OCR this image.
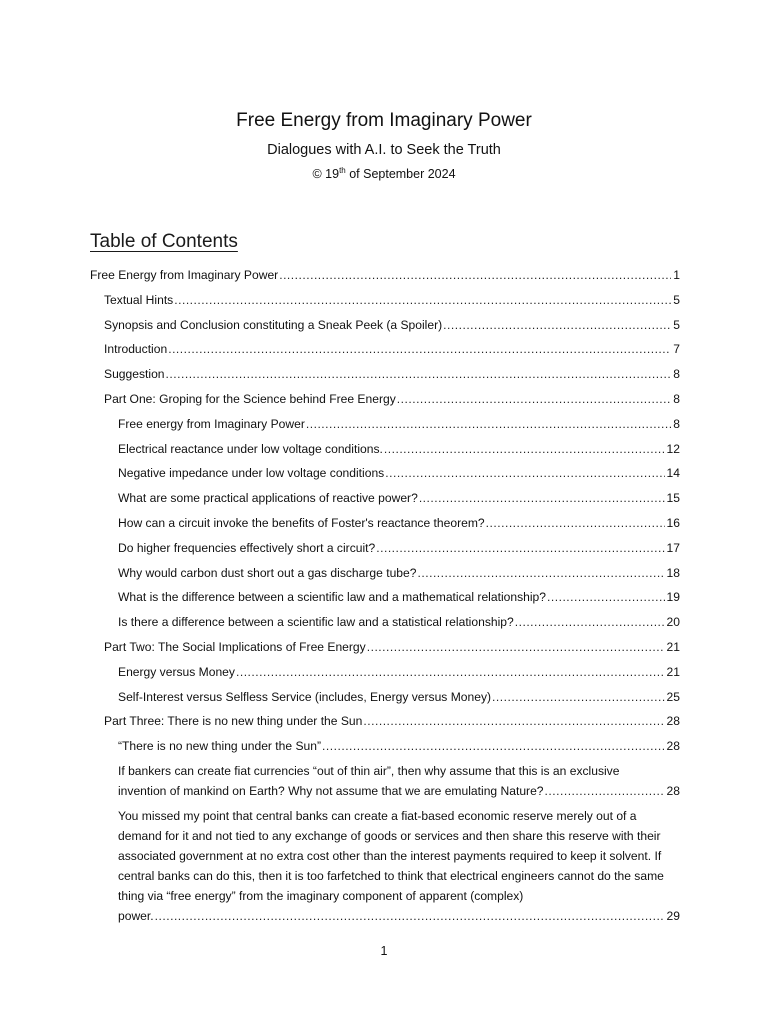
Free Energy from Imaginary Power
Dialogues with A.I. to Seek the Truth
© 19th of September 2024
Table of Contents
Free Energy from Imaginary Power .....	1
Textual Hints .....	5
Synopsis and Conclusion constituting a Sneak Peek (a Spoiler) .....	5
Introduction .....	7
Suggestion .....	8
Part One: Groping for the Science behind Free Energy .....	8
Free energy from Imaginary Power .....	8
Electrical reactance under low voltage conditions. .....	12
Negative impedance under low voltage conditions .....	14
What are some practical applications of reactive power? .....	15
How can a circuit invoke the benefits of Foster's reactance theorem? .....	16
Do higher frequencies effectively short a circuit? .....	17
Why would carbon dust short out a gas discharge tube? .....	18
What is the difference between a scientific law and a mathematical relationship? .....	19
Is there a difference between a scientific law and a statistical relationship? .....	20
Part Two: The Social Implications of Free Energy .....	21
Energy versus Money .....	21
Self-Interest versus Selfless Service (includes, Energy versus Money) .....	25
Part Three: There is no new thing under the Sun .....	28
“There is no new thing under the Sun” .....	28
If bankers can create fiat currencies “out of thin air”, then why assume that this is an exclusive
invention of mankind on Earth? Why not assume that we are emulating Nature? .....	28
You missed my point that central banks can create a fiat-based economic reserve merely out of a demand for it and not tied to any exchange of goods or services and then share this reserve with their associated government at no extra cost other than the interest payments required to keep it solvent. If central banks can do this, then it is too farfetched to think that electrical engineers cannot do the same thing via “free energy” from the imaginary component of apparent (complex)
power. .....	29
1
